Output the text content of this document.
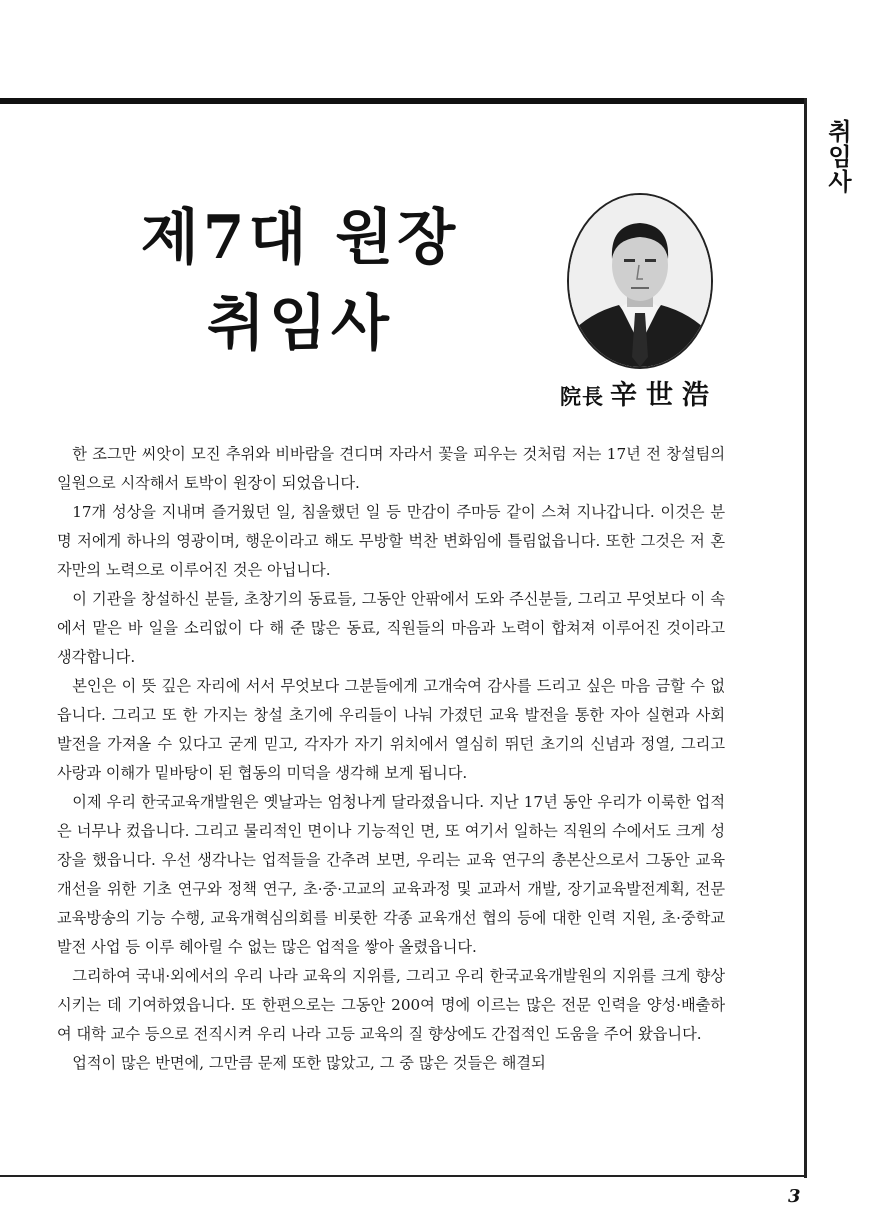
취
임
사
제7대 원장
취임사
院長 辛世浩

한 조그만 씨앗이 모진 추위와 비바람을 견디며 자라서 꽃을 피우는 것처럼 저는 17년 전 창설팀의 일원으로 시작해서 토박이 원장이 되었읍니다.

17개 성상을 지내며 즐거웠던 일, 침울했던 일 등 만감이 주마등 같이 스쳐 지나갑니다. 이것은 분명 저에게 하나의 영광이며, 행운이라고 해도 무방할 벅찬 변화임에 틀림없읍니다. 또한 그것은 저 혼자만의 노력으로 이루어진 것은 아닙니다.

이 기관을 창설하신 분들, 초창기의 동료들, 그동안 안팎에서 도와 주신분들, 그리고 무엇보다 이 속에서 맡은 바 일을 소리없이 다 해 준 많은 동료, 직원들의 마음과 노력이 합쳐져 이루어진 것이라고 생각합니다.

본인은 이 뜻 깊은 자리에 서서 무엇보다 그분들에게 고개숙여 감사를 드리고 싶은 마음 금할 수 없읍니다. 그리고 또 한 가지는 창설 초기에 우리들이 나눠 가졌던 교육 발전을 통한 자아 실현과 사회 발전을 가져올 수 있다고 굳게 믿고, 각자가 자기 위치에서 열심히 뛰던 초기의 신념과 정열, 그리고 사랑과 이해가 밑바탕이 된 협동의 미덕을 생각해 보게 됩니다.

이제 우리 한국교육개발원은 옛날과는 엄청나게 달라졌읍니다. 지난 17년 동안 우리가 이룩한 업적은 너무나 컸읍니다. 그리고 물리적인 면이나 기능적인 면, 또 여기서 일하는 직원의 수에서도 크게 성장을 했읍니다. 우선 생각나는 업적들을 간추려 보면, 우리는 교육 연구의 총본산으로서 그동안 교육 개선을 위한 기초 연구와 정책 연구, 초·중·고교의 교육과정 및 교과서 개발, 장기교육발전계획, 전문 교육방송의 기능 수행, 교육개혁심의회를 비롯한 각종 교육개선 협의 등에 대한 인력 지원, 초·중학교 발전 사업 등 이루 헤아릴 수 없는 많은 업적을 쌓아 올렸읍니다.

그리하여 국내·외에서의 우리 나라 교육의 지위를, 그리고 우리 한국교육개발원의 지위를 크게 향상시키는 데 기여하였읍니다. 또 한편으로는 그동안 200여 명에 이르는 많은 전문 인력을 양성·배출하여 대학 교수 등으로 전직시켜 우리 나라 고등 교육의 질 향상에도 간접적인 도움을 주어 왔읍니다.

업적이 많은 반면에, 그만큼 문제 또한 많았고, 그 중 많은 것들은 해결되

3
